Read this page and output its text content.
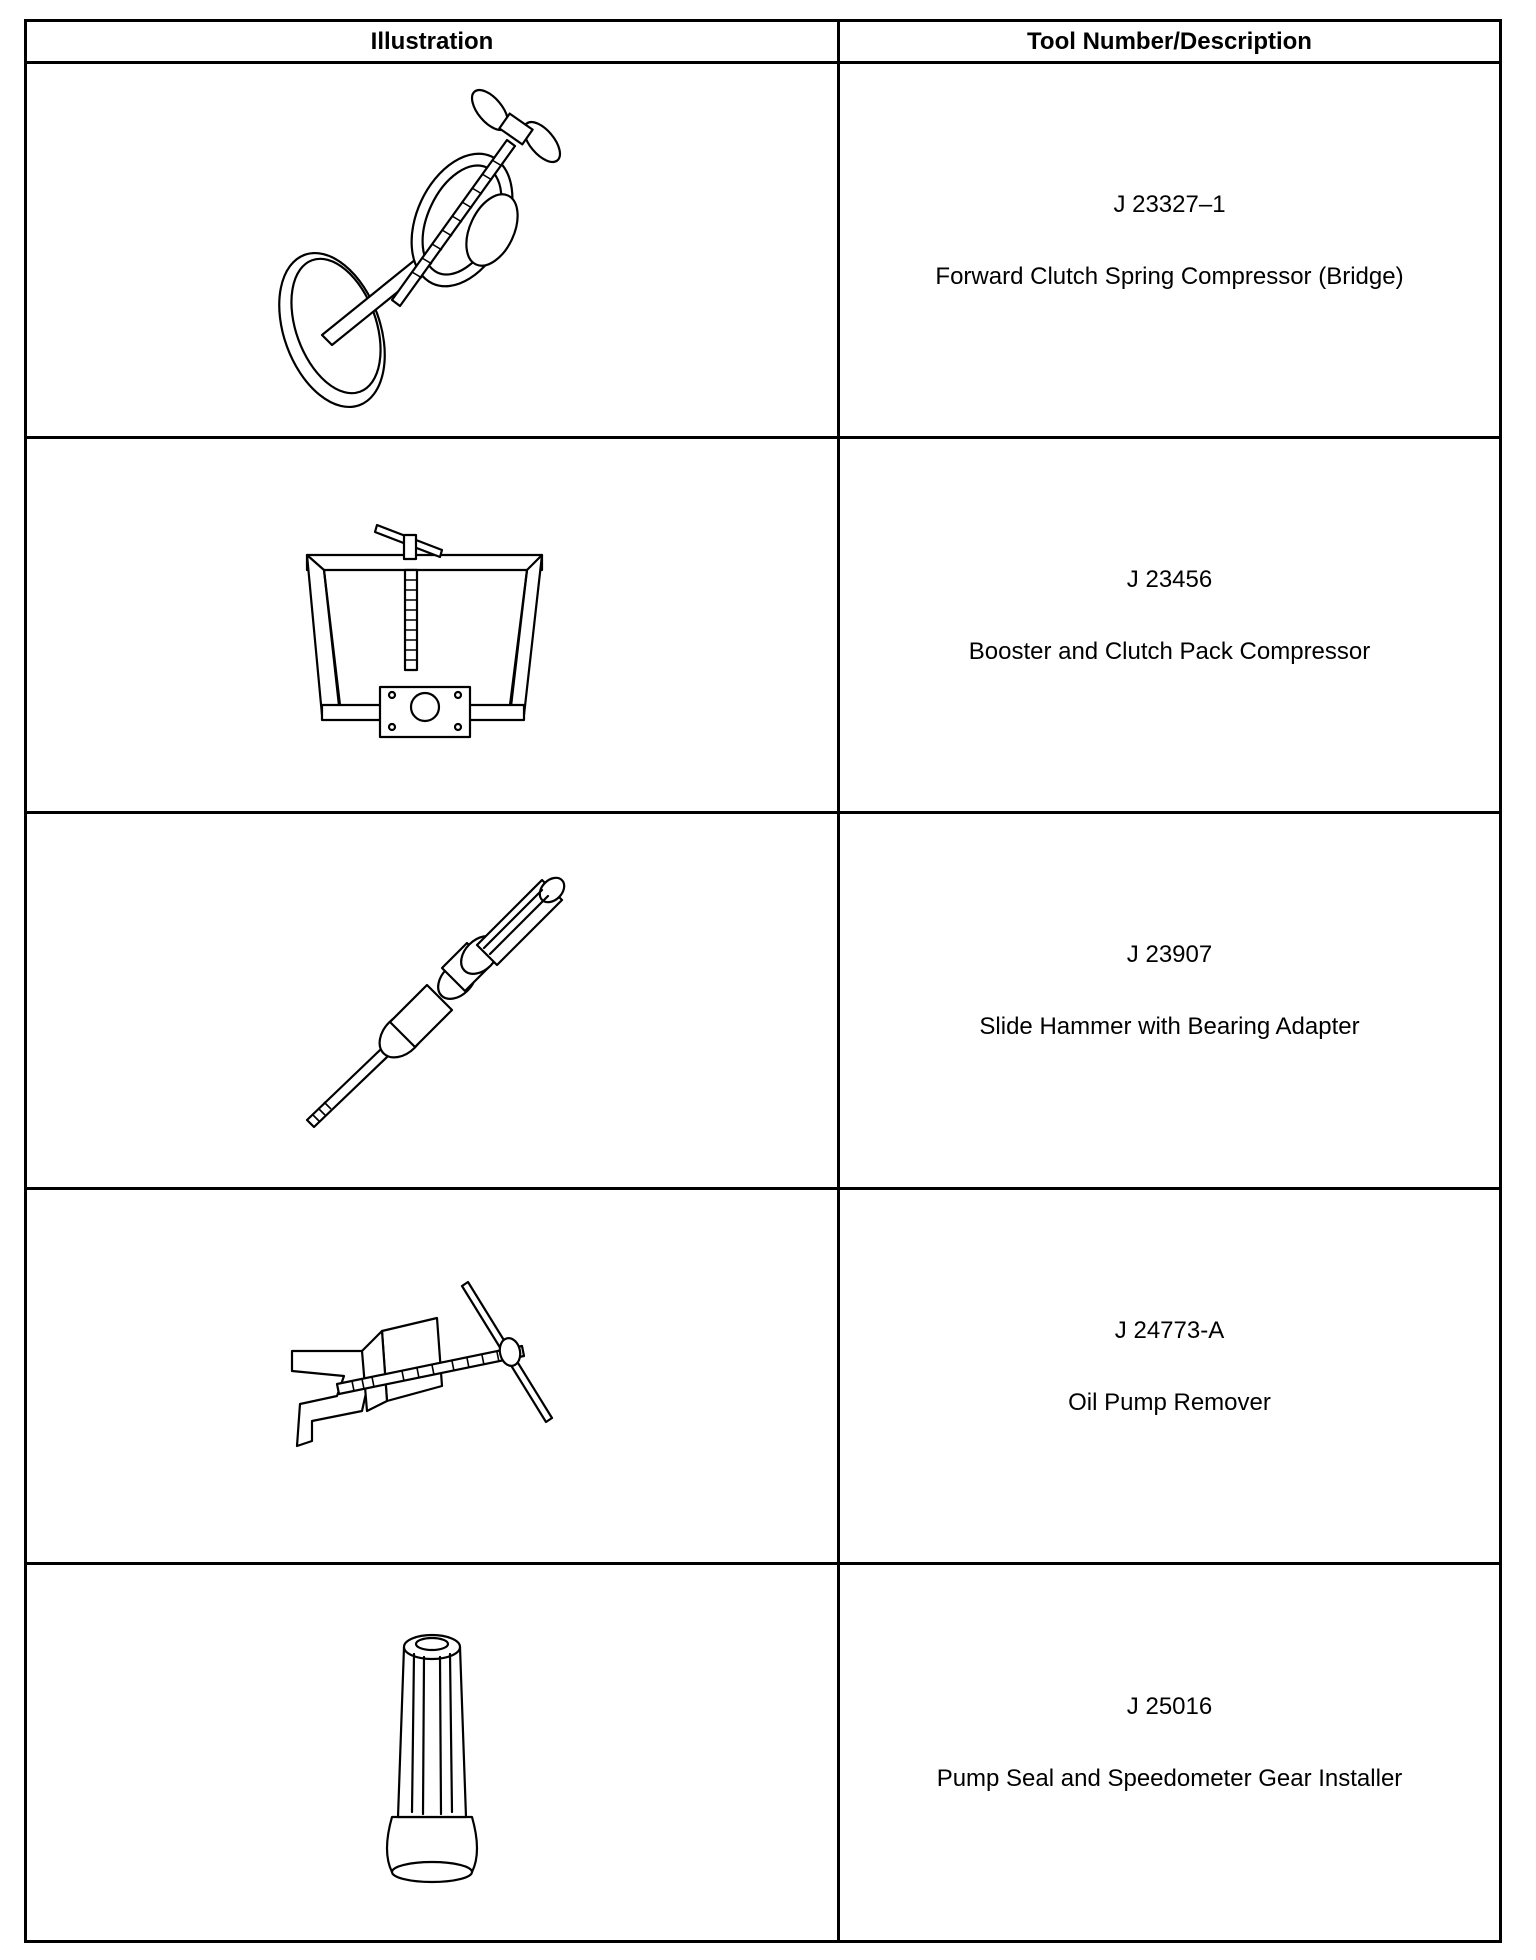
Illustration	Tool Number/Description
J 23327–1
Forward Clutch Spring Compressor (Bridge)
J 23456
Booster and Clutch Pack Compressor
J 23907
Slide Hammer with Bearing Adapter
J 24773-A
Oil Pump Remover
J 25016
Pump Seal and Speedometer Gear Installer
